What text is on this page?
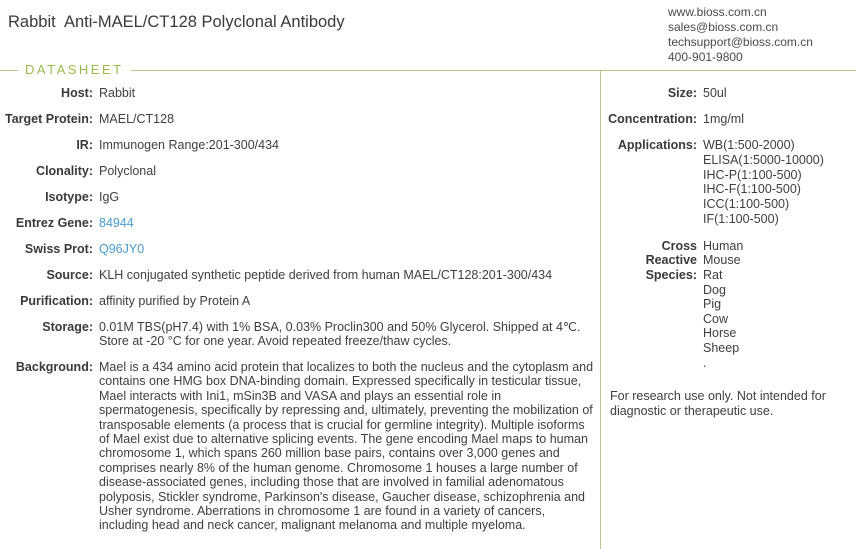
Rabbit  Anti-MAEL/CT128 Polyclonal Antibody
www.bioss.com.cn
sales@bioss.com.cn
techsupport@bioss.com.cn
400-901-9800
DATASHEET
Host: Rabbit
Target Protein: MAEL/CT128
IR: Immunogen Range:201-300/434
Clonality: Polyclonal
Isotype: IgG
Entrez Gene: 84944
Swiss Prot: Q96JY0
Source: KLH conjugated synthetic peptide derived from human MAEL/CT128:201-300/434
Purification: affinity purified by Protein A
Storage: 0.01M TBS(pH7.4) with 1% BSA, 0.03% Proclin300 and 50% Glycerol. Shipped at 4℃. Store at -20 °C for one year. Avoid repeated freeze/thaw cycles.
Background: Mael is a 434 amino acid protein that localizes to both the nucleus and the cytoplasm and contains one HMG box DNA-binding domain. Expressed specifically in testicular tissue, Mael interacts with Ini1, mSin3B and VASA and plays an essential role in spermatogenesis, specifically by repressing and, ultimately, preventing the mobilization of transposable elements (a process that is crucial for germline integrity). Multiple isoforms of Mael exist due to alternative splicing events. The gene encoding Mael maps to human chromosome 1, which spans 260 million base pairs, contains over 3,000 genes and comprises nearly 8% of the human genome. Chromosome 1 houses a large number of disease-associated genes, including those that are involved in familial adenomatous polyposis, Stickler syndrome, Parkinson's disease, Gaucher disease, schizophrenia and Usher syndrome. Aberrations in chromosome 1 are found in a variety of cancers, including head and neck cancer, malignant melanoma and multiple myeloma.
Size: 50ul
Concentration: 1mg/ml
Applications: WB(1:500-2000)
ELISA(1:5000-10000)
IHC-P(1:100-500)
IHC-F(1:100-500)
ICC(1:100-500)
IF(1:100-500)
Cross Reactive
Species:
Human
Mouse
Rat
Dog
Pig
Cow
Horse
Sheep
.
For research use only. Not intended for diagnostic or therapeutic use.
